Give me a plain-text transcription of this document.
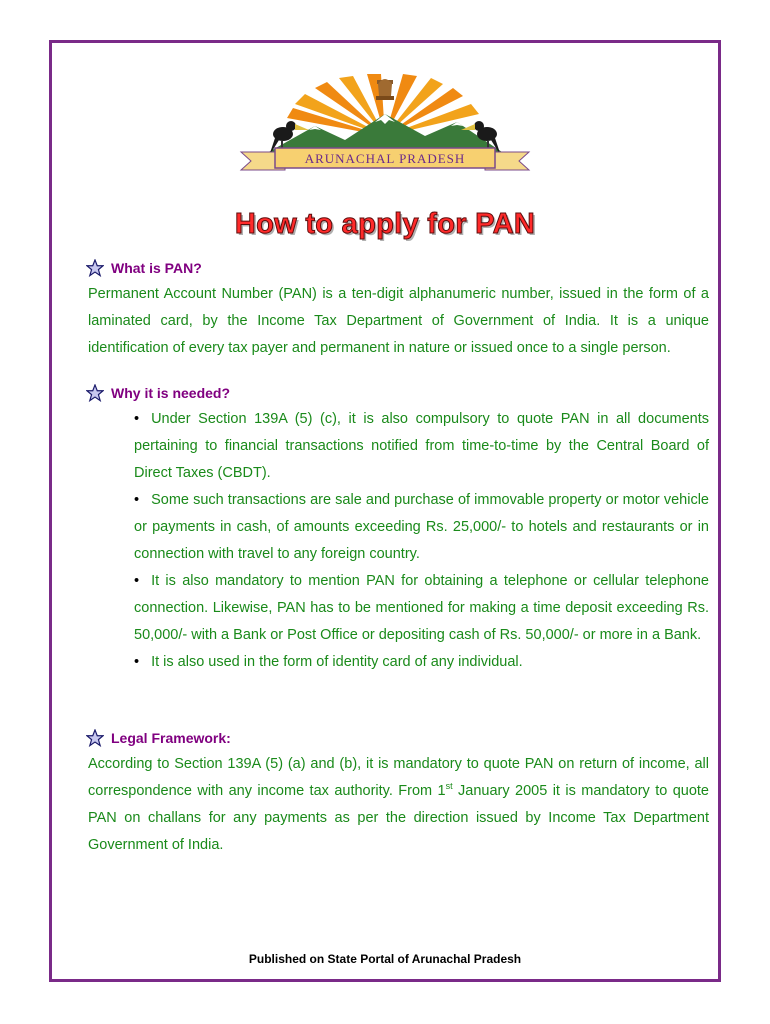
ARUNACHAL PRADESH
How to apply for PAN
What is PAN?
Permanent Account Number (PAN) is a ten-digit alphanumeric number, issued in the form of a laminated card, by the Income Tax Department of Government of India. It is a unique identification of every tax payer and permanent in nature or issued once to a single person.
Why it is needed?
• Under Section 139A (5) (c), it is also compulsory to quote PAN in all documents pertaining to financial transactions notified from time-to-time by the Central Board of Direct Taxes (CBDT).
• Some such transactions are sale and purchase of immovable property or motor vehicle or payments in cash, of amounts exceeding Rs. 25,000/- to hotels and restaurants or in connection with travel to any foreign country.
• It is also mandatory to mention PAN for obtaining a telephone or cellular telephone connection. Likewise, PAN has to be mentioned for making a time deposit exceeding Rs. 50,000/- with a Bank or Post Office or depositing cash of Rs. 50,000/- or more in a Bank.
• It is also used in the form of identity card of any individual.
Legal Framework:
According to Section 139A (5) (a) and (b), it is mandatory to quote PAN on return of income, all correspondence with any income tax authority. From 1st January 2005 it is mandatory to quote PAN on challans for any payments as per the direction issued by Income Tax Department Government of India.
Published on State Portal of Arunachal Pradesh
